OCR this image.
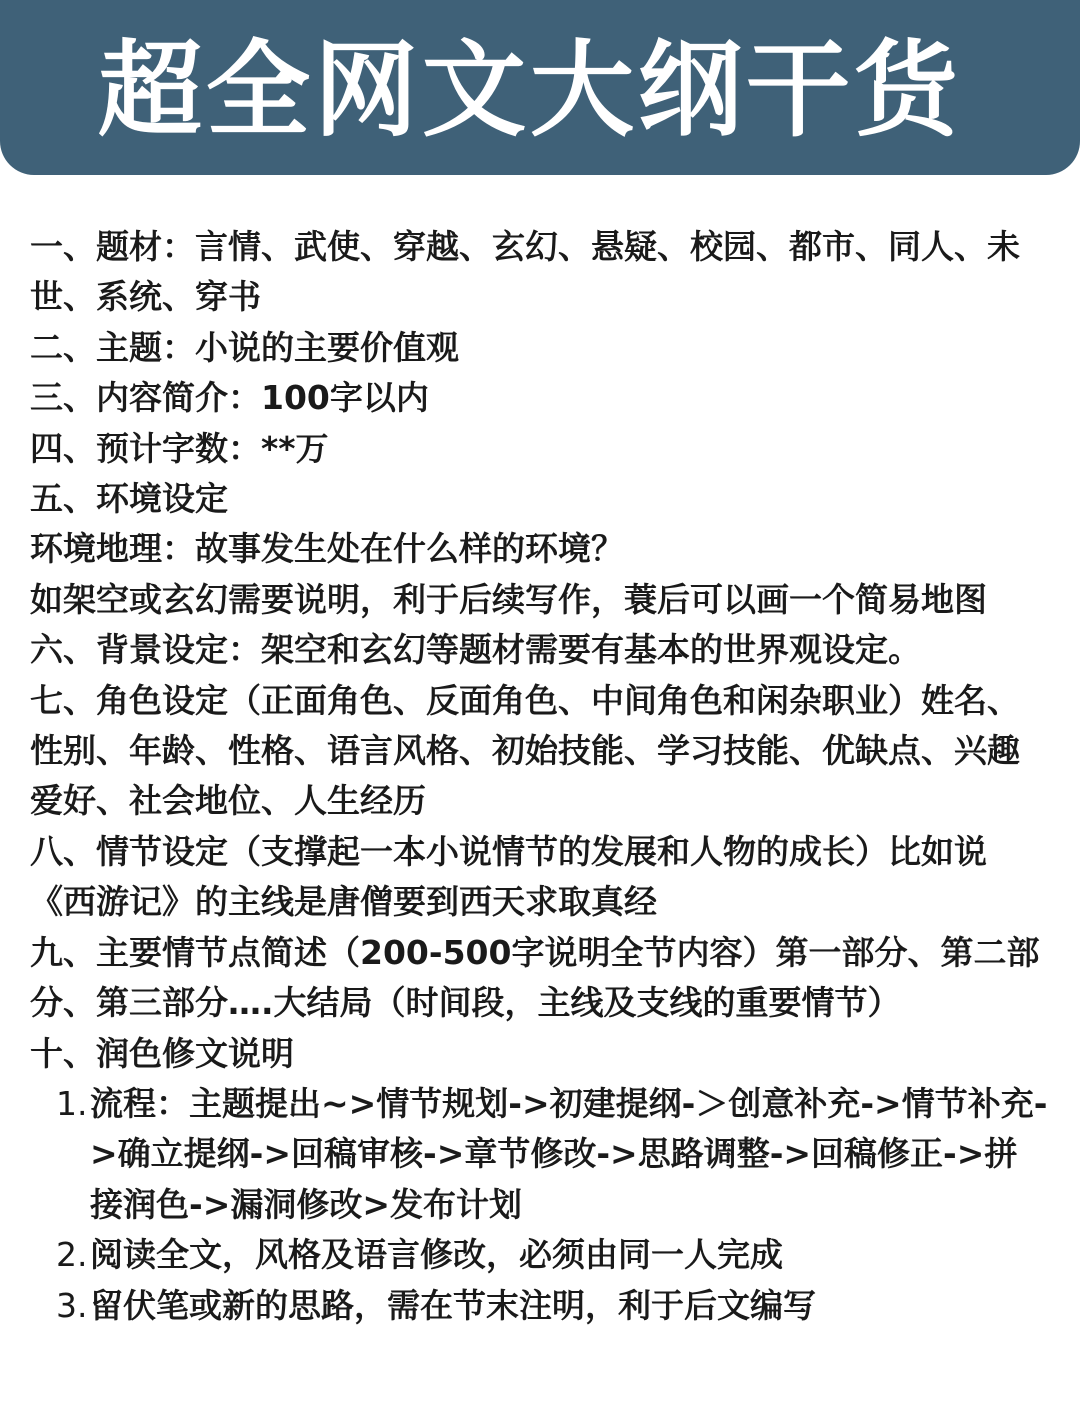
超全网文大纲干货

一、题材：言情、武使、穿越、玄幻、悬疑、校园、都市、同人、未世、系统、穿书

二、主题：小说的主要价值观

三、内容简介：100字以内

四、预计字数：**万

五、环境设定

环境地理：故事发生处在什么样的环境？

如架空或玄幻需要说明，利于后续写作，蓑后可以画一个简易地图

六、背景设定：架空和玄幻等题材需要有基本的世界观设定。

七、角色设定（正面角色、反面角色、中间角色和闲杂职业）姓名、性别、年龄、性格、语言风格、初始技能、学习技能、优缺点、兴趣爱好、社会地位、人生经历

八、情节设定（支撑起一本小说情节的发展和人物的成长）比如说《西游记》的主线是唐僧要到西天求取真经

九、主要情节点简述（200-500字说明全节内容）第一部分、第二部分、第三部分….大结局（时间段，主线及支线的重要情节）

十、润色修文说明

1. 流程：主题提出~>情节规划->初建提纲-＞创意补充->情节补充->确立提纲->回稿审核->章节修改->思路调整->回稿修正->拼接润色->漏洞修改>发布计划
2. 阅读全文，风格及语言修改，必须由同一人完成
3. 留伏笔或新的思路，需在节末注明，利于后文编写
